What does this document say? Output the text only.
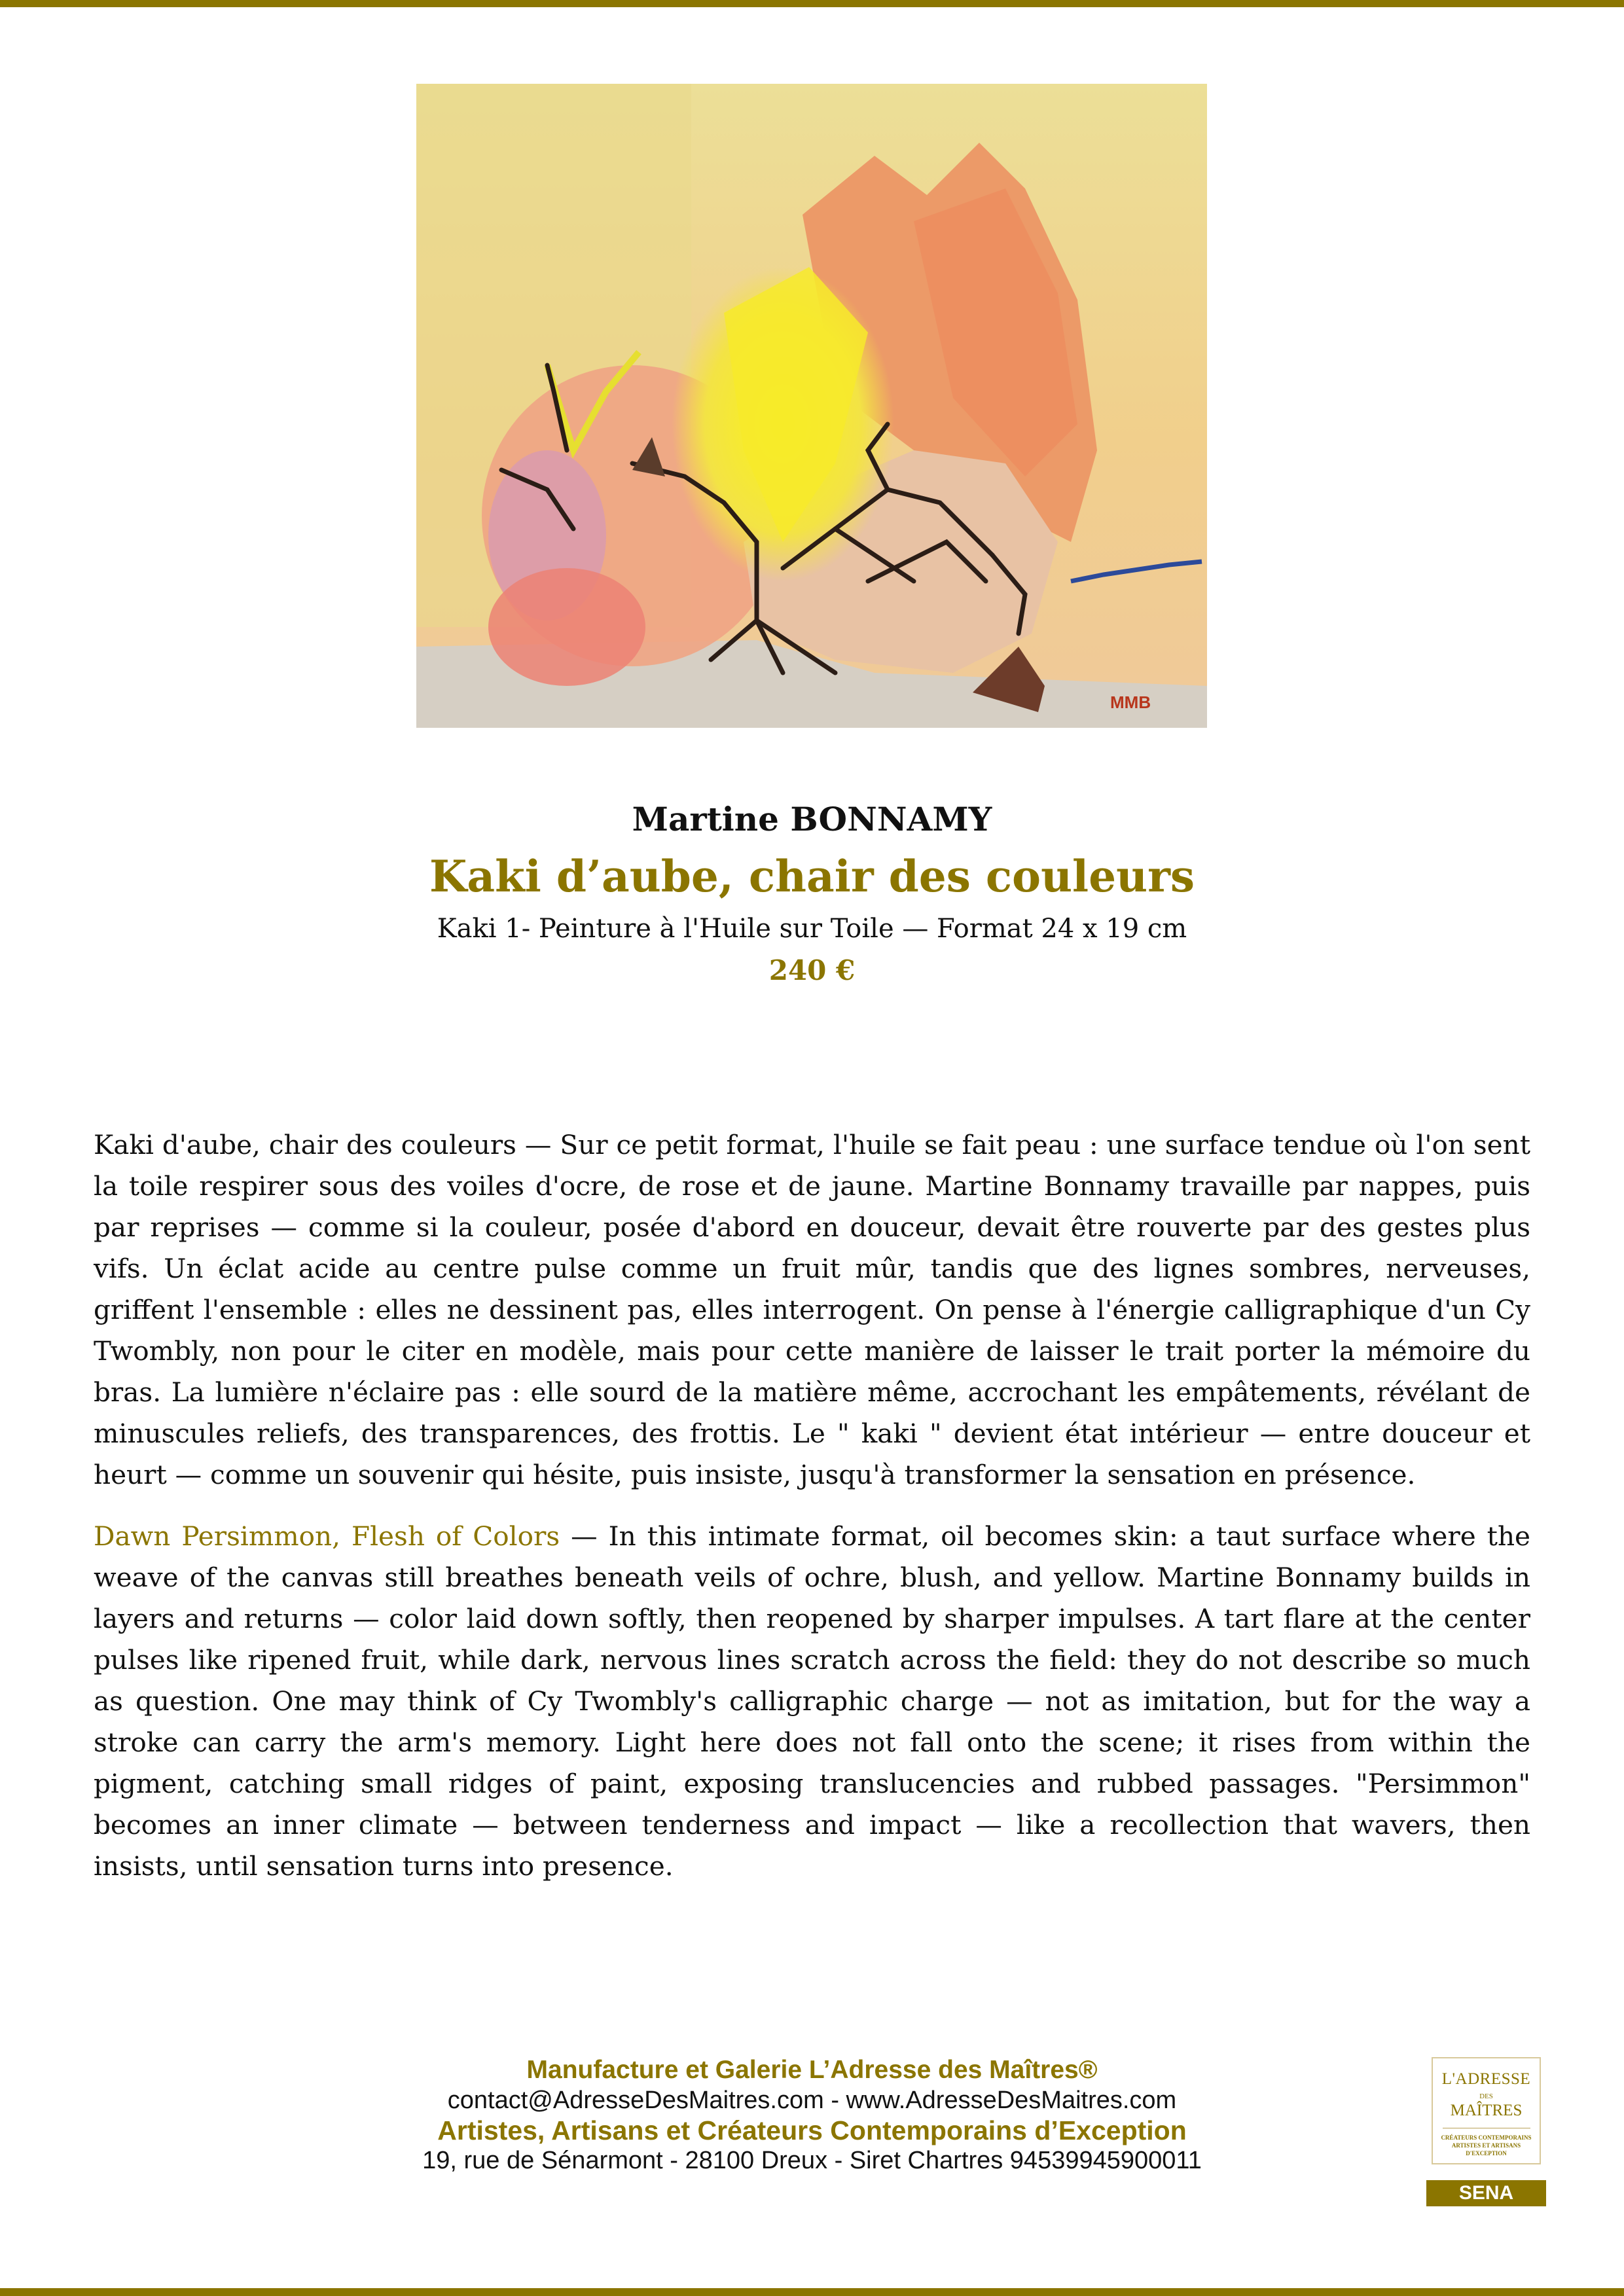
MMB
Martine BONNAMY
Kaki d’aube, chair des couleurs
Kaki 1- Peinture à l'Huile sur Toile — Format 24 x 19 cm
240 €

Kaki d'aube, chair des couleurs — Sur ce petit format, l'huile se fait peau : une surface tendue où l'on sent la toile respirer sous des voiles d'ocre, de rose et de jaune. Martine Bonnamy travaille par nappes, puis par reprises — comme si la couleur, posée d'abord en douceur, devait être rouverte par des gestes plus vifs. Un éclat acide au centre pulse comme un fruit mûr, tandis que des lignes sombres, nerveuses, griffent l'ensemble : elles ne dessinent pas, elles interrogent. On pense à l'énergie calligraphique d'un Cy Twombly, non pour le citer en modèle, mais pour cette manière de laisser le trait porter la mémoire du bras. La lumière n'éclaire pas : elle sourd de la matière même, accrochant les empâtements, révélant de minuscules reliefs, des transparences, des frottis. Le " kaki " devient état intérieur — entre douceur et heurt — comme un souvenir qui hésite, puis insiste, jusqu'à transformer la sensation en présence.

Dawn Persimmon, Flesh of Colors — In this intimate format, oil becomes skin: a taut surface where the weave of the canvas still breathes beneath veils of ochre, blush, and yellow. Martine Bonnamy builds in layers and returns — color laid down softly, then reopened by sharper impulses. A tart flare at the center pulses like ripened fruit, while dark, nervous lines scratch across the field: they do not describe so much as question. One may think of Cy Twombly's calligraphic charge — not as imitation, but for the way a stroke can carry the arm's memory. Light here does not fall onto the scene; it rises from within the pigment, catching small ridges of paint, exposing translucencies and rubbed passages. "Persimmon" becomes an inner climate — between tenderness and impact — like a recollection that wavers, then insists, until sensation turns into presence.

Manufacture et Galerie L’Adresse des Maîtres®
contact@AdresseDesMaitres.com - www.AdresseDesMaitres.com
Artistes, Artisans et Créateurs Contemporains d’Exception
19, rue de Sénarmont - 28100 Dreux - Siret Chartres 94539945900011
L'ADRESSE
DES
MAÎTRES
CRÉATEURS CONTEMPORAINS
ARTISTES ET ARTISANS
D'EXCEPTION
SENA
